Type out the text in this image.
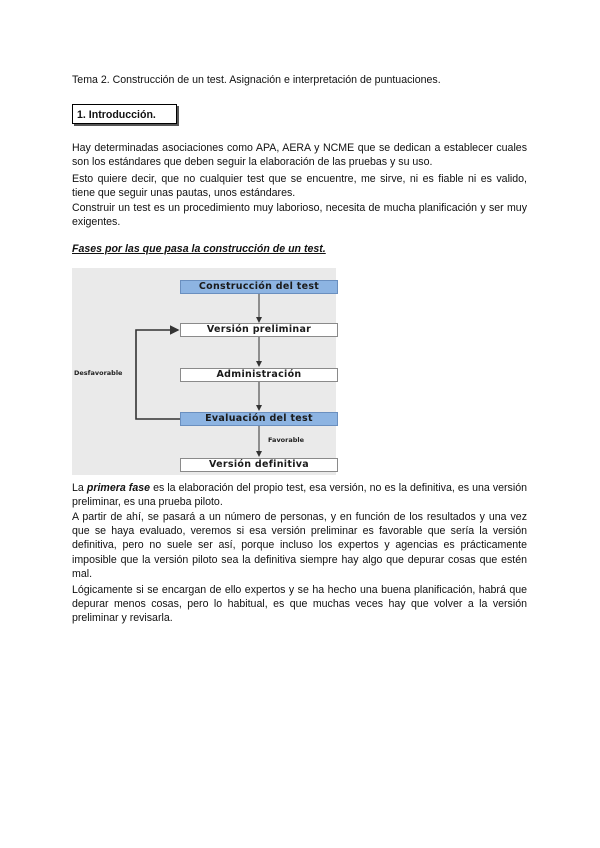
Tema 2. Construcción de un test. Asignación e interpretación de puntuaciones.

1. Introducción.

Hay determinadas asociaciones como APA, AERA y NCME que se dedican a establecer cuales son los estándares que deben seguir la elaboración de las pruebas y su uso.

Esto quiere decir, que no cualquier test que se encuentre, me sirve, ni es fiable ni es valido, tiene que seguir unas pautas, unos estándares.

Construir un test es un procedimiento muy laborioso, necesita de mucha planificación y ser muy exigentes.

Fases por las que pasa la construcción de un test.

Construcción del test
Versión preliminar
Administración
Evaluación del test
Versión definitiva
Desfavorable
Favorable

La primera fase es la elaboración del propio test, esa versión, no es la definitiva, es una versión preliminar, es una prueba piloto.

A partir de ahí, se pasará a un número de personas, y en función de los resultados y una vez que se haya evaluado, veremos si esa versión preliminar es favorable que sería la versión definitiva, pero no suele ser así, porque incluso los expertos y agencias es prácticamente imposible que la versión piloto sea la definitiva siempre hay algo que depurar cosas que estén mal.

Lógicamente si se encargan de ello expertos y se ha hecho una buena planificación, habrá que depurar menos cosas, pero lo habitual, es que muchas veces hay que volver a la versión preliminar y revisarla.
